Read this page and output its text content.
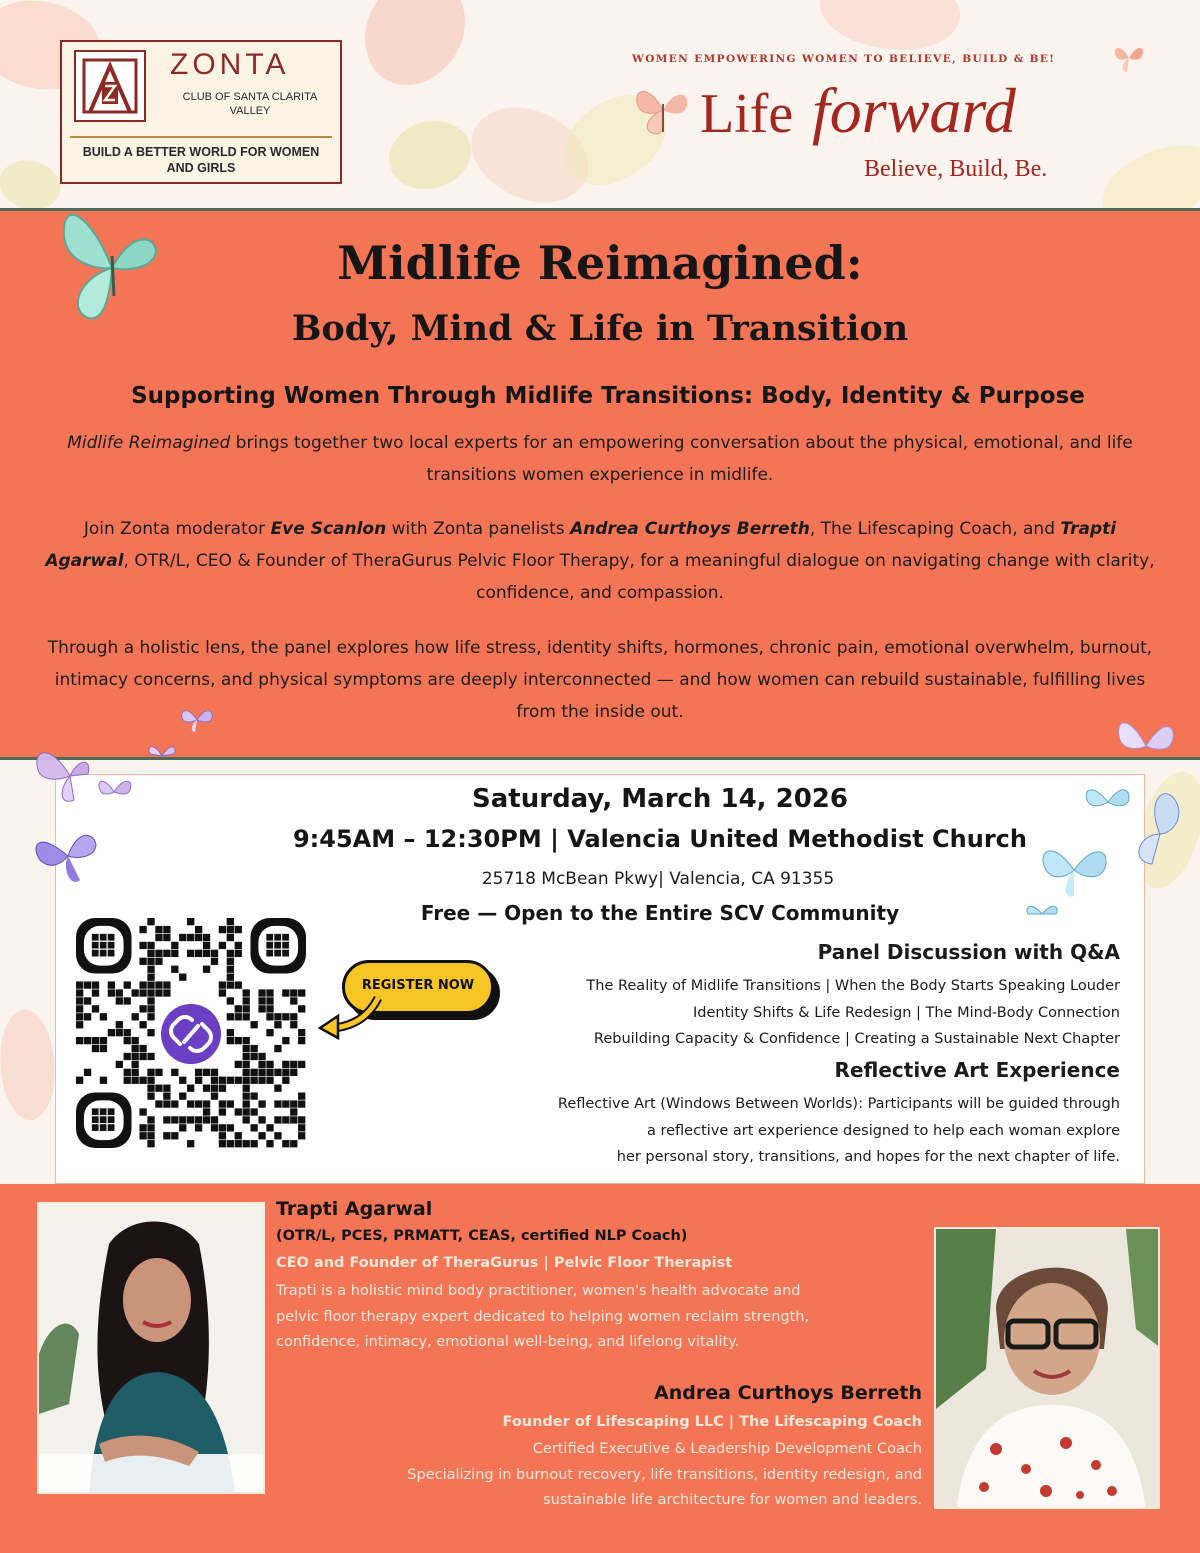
ZONTA
CLUB OF SANTA CLARITA VALLEY
BUILD A BETTER WORLD FOR WOMEN AND GIRLS
WOMEN EMPOWERING WOMEN TO BELIEVE, BUILD & BE!
Life forward
Believe, Build, Be.
Midlife Reimagined:
Body, Mind & Life in Transition
Supporting Women Through Midlife Transitions: Body, Identity & Purpose
Midlife Reimagined brings together two local experts for an empowering conversation about the physical, emotional, and life transitions women experience in midlife.
Join Zonta moderator Eve Scanlon with Zonta panelists Andrea Curthoys Berreth, The Lifescaping Coach, and Trapti Agarwal, OTR/L, CEO & Founder of TheraGurus Pelvic Floor Therapy, for a meaningful dialogue on navigating change with clarity, confidence, and compassion.
Through a holistic lens, the panel explores how life stress, identity shifts, hormones, chronic pain, emotional overwhelm, burnout, intimacy concerns, and physical symptoms are deeply interconnected — and how women can rebuild sustainable, fulfilling lives from the inside out.
Saturday, March 14, 2026
9:45AM – 12:30PM | Valencia United Methodist Church
25718 McBean Pkwy| Valencia, CA 91355
Free — Open to the Entire SCV Community
REGISTER NOW
Panel Discussion with Q&A
The Reality of Midlife Transitions | When the Body Starts Speaking Louder
Identity Shifts & Life Redesign | The Mind-Body Connection
Rebuilding Capacity & Confidence | Creating a Sustainable Next Chapter
Reflective Art Experience
Reflective Art (Windows Between Worlds): Participants will be guided through
a reflective art experience designed to help each woman explore
her personal story, transitions, and hopes for the next chapter of life.
Trapti Agarwal
(OTR/L, PCES, PRMATT, CEAS, certified NLP Coach)
CEO and Founder of TheraGurus | Pelvic Floor Therapist
Trapti is a holistic mind body practitioner, women's health advocate and
pelvic floor therapy expert dedicated to helping women reclaim strength,
confidence, intimacy, emotional well-being, and lifelong vitality.
Andrea Curthoys Berreth
Founder of Lifescaping LLC | The Lifescaping Coach
Certified Executive & Leadership Development Coach
Specializing in burnout recovery, life transitions, identity redesign, and
sustainable life architecture for women and leaders.
